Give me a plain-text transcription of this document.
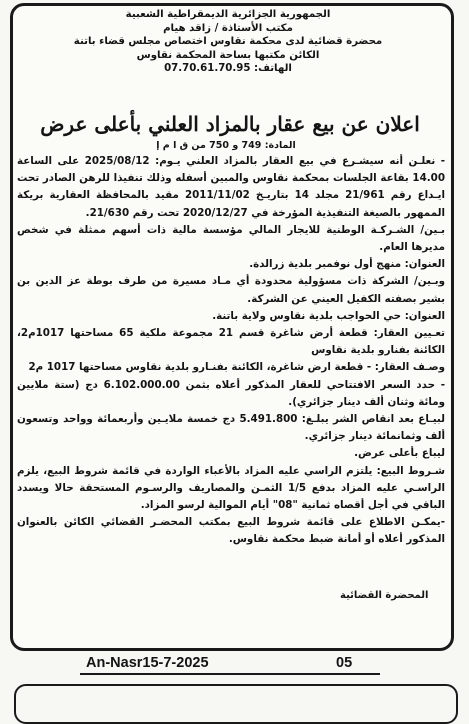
الجمهورية الجزائرية الديمقراطية الشعبية
مكتب الأستاذة / زاقد هيام
محضرة قضائية لدى محكمة نقاوس اختصاص مجلس قضاء باتنة
الكائن مكتبها بساحة المحكمة نقاوس
الهاتف: 07.70.61.70.95
اعلان عن بيع عقار بالمزاد العلني بأعلى عرض
المادة: 749 و 750 من ق ا م إ

- نعلـن أنه سيشـرع في بيع العقار بالمزاد العلني يـوم: 2025/08/12 على الساعة 14.00 بقاعة الجلسات بمحكمة نقاوس والمبين أسفله وذلك تنفيذا للرهن الصادر تحت ايـداع رقم 21/961 مجلد 14 بتاريـخ 2011/11/02 مقيد بالمحافظة العقارية بريكة الممهور بالصيغة التنفيذية المؤرخة في 2020/12/27 تحت رقم 21/630.

بـين/ الشـركـة الوطنية للايجار المالي مؤسسة مالية ذات أسهم ممثلة في شخص مديرها العام.

العنوان: منهج أول نوفمبر بلدية زرالدة.

وبـين/ الشركة ذات مسؤولية محدودة أي مـاد مسيرة من طرف بوطة عز الدين بن بشير بصفته الكفيل العيني عن الشركة.

العنوان: حي الحواجب بلدية نقاوس ولاية باتنة.

تعـيين العقار: قطعة أرض شاغرة قسم 21 مجموعة ملكية 65 مساحتها 1017م2، الكائنة بفنارو بلدية نقاوس

وصـف العقار: - قطعة ارض شاغرة، الكائنة بفنـارو بلدية نقاوس مساحتها 1017 م2

- حدد السعر الافتتاحي للعقار المذكور أعلاه بثمن 6.102.000.00 دج (ستة ملايين ومائة وثنان ألف دينار جزائري).

لبيـاع بعد انقاص الشر يبلـغ: 5.491.800 دج خمسة ملايـين وأربعمائة وواحد وتسعون ألف وثمانمائة دينار جزائري.

ليباع بأعلى عرض.

شـروط البيع: يلتزم الراسي عليه المزاد بالأعباء الواردة في قائمة شروط البيع، يلزم الراسـي عليه المزاد بدفع 1/5 الثمـن والمصاريف والرسـوم المستحقة حالا ويسدد الباقي في أجل أقصاه ثمانية "08" أيام الموالية لرسو المزاد.

-يمكـن الاطلاع على قائمة شروط البيع بمكتب المحضـر القضائي الكائن بالعنوان المذكور أعلاه أو أمانة ضبط محكمة نقاوس.

المحضرة القضائية
An-Nasr15-7-2025	05
